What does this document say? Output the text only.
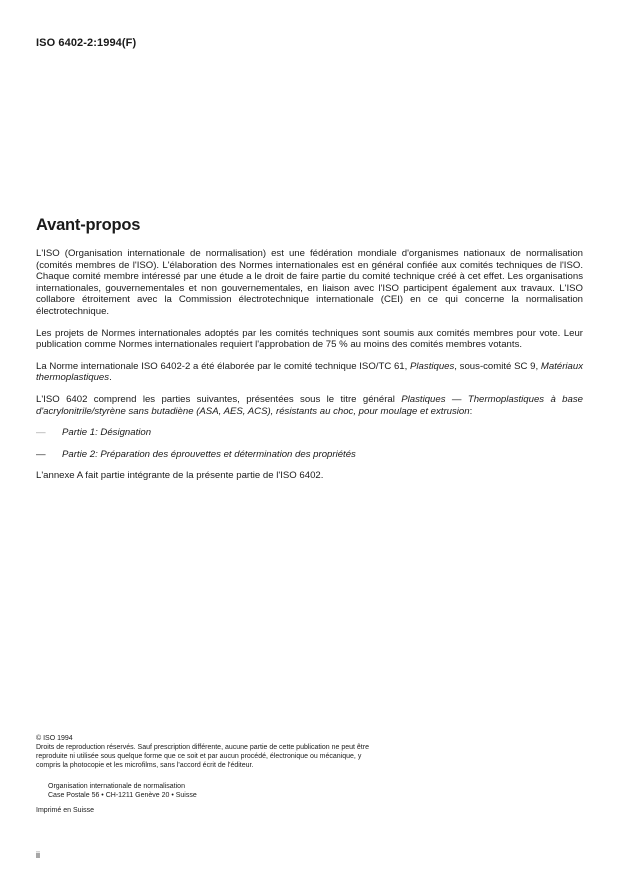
ISO 6402-2:1994(F)
Avant-propos

L'ISO (Organisation internationale de normalisation) est une fédération mondiale d'organismes nationaux de normalisation (comités membres de l'ISO). L'élaboration des Normes internationales est en général confiée aux comités techniques de l'ISO. Chaque comité membre intéressé par une étude a le droit de faire partie du comité technique créé à cet effet. Les organisations internationales, gouvernementales et non gouvernementales, en liaison avec l'ISO participent également aux travaux. L'ISO collabore étroitement avec la Commission électrotechnique internationale (CEI) en ce qui concerne la normalisation électrotechnique.

Les projets de Normes internationales adoptés par les comités techniques sont soumis aux comités membres pour vote. Leur publication comme Normes internationales requiert l'approbation de 75 % au moins des comités membres votants.

La Norme internationale ISO 6402-2 a été élaborée par le comité technique ISO/TC 61, Plastiques, sous-comité SC 9, Matériaux thermoplastiques.

L'ISO 6402 comprend les parties suivantes, présentées sous le titre général Plastiques — Thermoplastiques à base d'acrylonitrile/styrène sans butadiène (ASA, AES, ACS), résistants au choc, pour moulage et extrusion:

—	Partie 1: Désignation
—	Partie 2: Préparation des éprouvettes et détermination des propriétés

L'annexe A fait partie intégrante de la présente partie de l'ISO 6402.

© ISO 1994
Droits de reproduction réservés. Sauf prescription différente, aucune partie de cette publication ne peut être reproduite ni utilisée sous quelque forme que ce soit et par aucun procédé, électronique ou mécanique, y compris la photocopie et les microfilms, sans l'accord écrit de l'éditeur.
Organisation internationale de normalisation
Case Postale 56 • CH-1211 Genève 20 • Suisse
Imprimé en Suisse
ii
